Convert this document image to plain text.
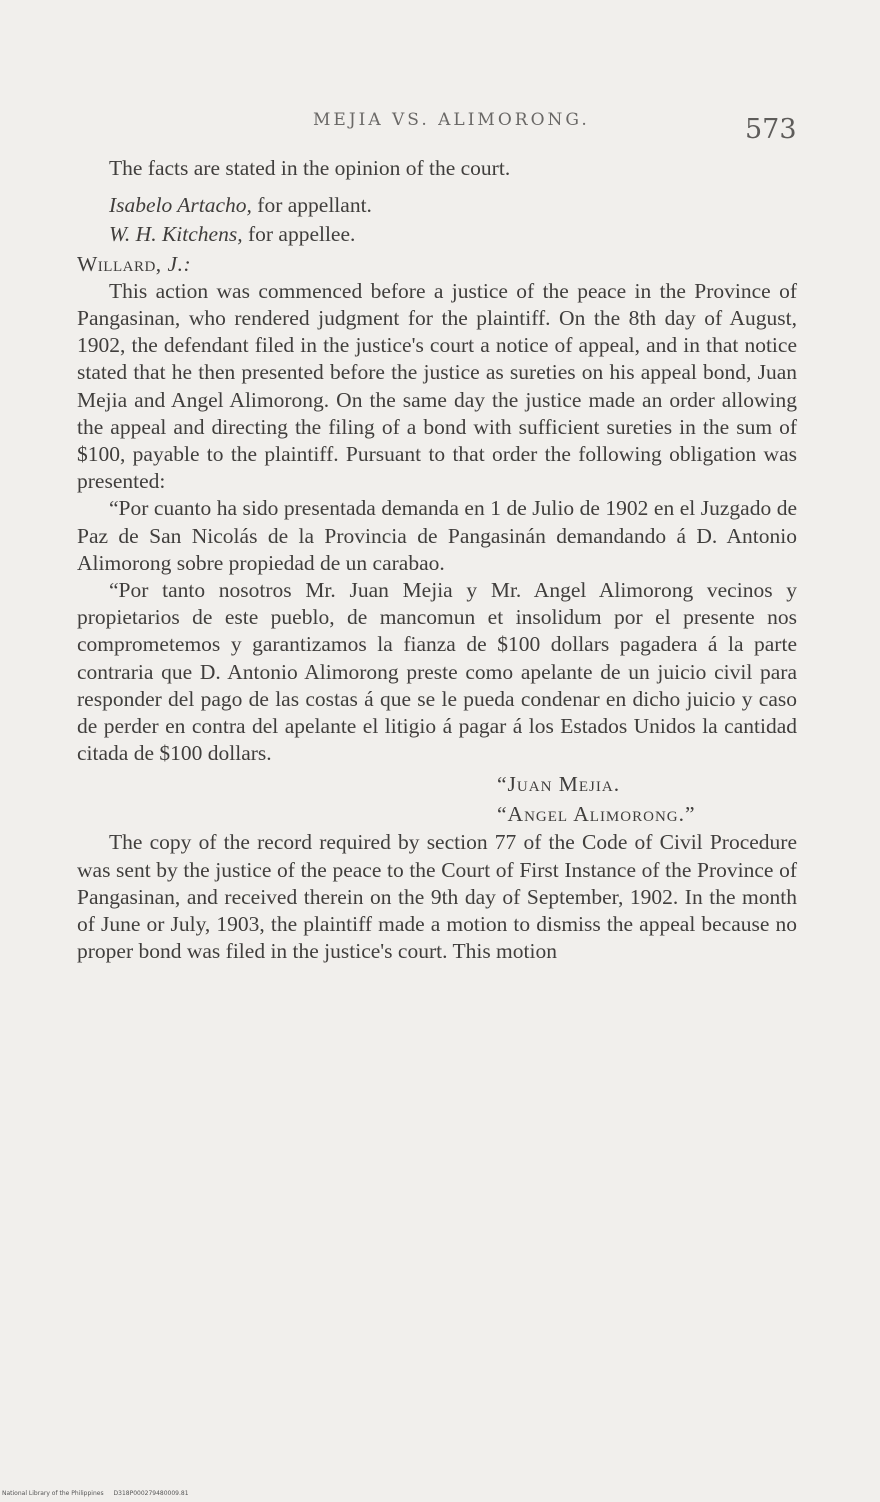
MEJIA VS. ALIMORONG.	573

The facts are stated in the opinion of the court.

Isabelo Artacho, for appellant.
W. H. Kitchens, for appellee.

Willard, J.:

This action was commenced before a justice of the peace in the Province of Pangasinan, who rendered judgment for the plaintiff. On the 8th day of August, 1902, the defendant filed in the justice's court a notice of appeal, and in that notice stated that he then presented before the justice as sureties on his appeal bond, Juan Mejia and Angel Alimorong. On the same day the justice made an order allowing the appeal and directing the filing of a bond with sufficient sureties in the sum of $100, payable to the plaintiff. Pursuant to that order the following obligation was presented:

“Por cuanto ha sido presentada demanda en 1 de Julio de 1902 en el Juzgado de Paz de San Nicolás de la Provincia de Pangasinán demandando á D. Antonio Alimorong sobre propiedad de un carabao.

“Por tanto nosotros Mr. Juan Mejia y Mr. Angel Alimorong vecinos y propietarios de este pueblo, de mancomun et insolidum por el presente nos comprometemos y garantizamos la fianza de $100 dollars pagadera á la parte contraria que D. Antonio Alimorong preste como apelante de un juicio civil para responder del pago de las costas á que se le pueda condenar en dicho juicio y caso de perder en contra del apelante el litigio á pagar á los Estados Unidos la cantidad citada de $100 dollars.

“Juan Mejia.
“Angel Alimorong.”

The copy of the record required by section 77 of the Code of Civil Procedure was sent by the justice of the peace to the Court of First Instance of the Province of Pangasinan, and received therein on the 9th day of September, 1902. In the month of June or July, 1903, the plaintiff made a motion to dismiss the appeal because no proper bond was filed in the justice's court. This motion

National Library of the Philippines D318P000279480009.81
